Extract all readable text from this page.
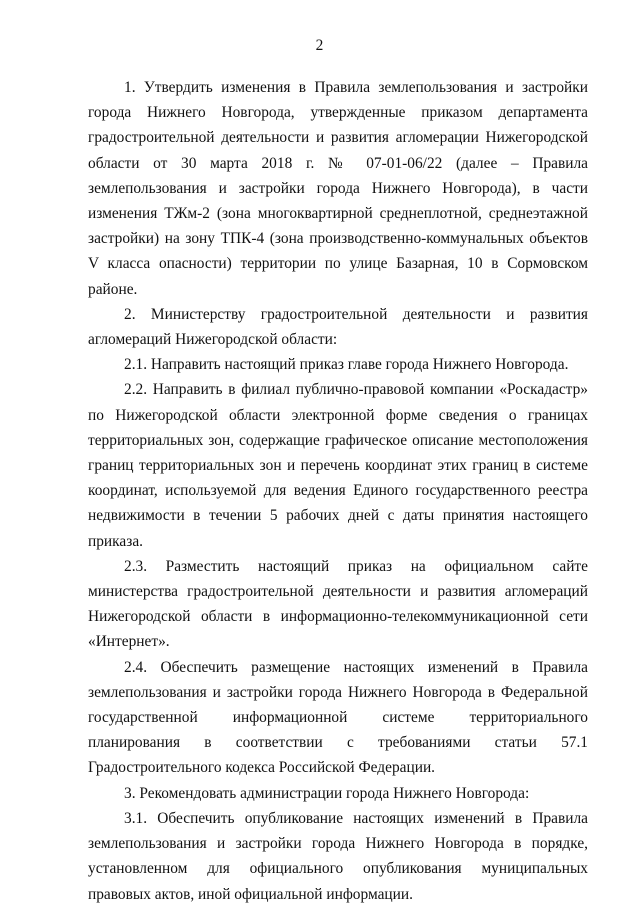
2

1. Утвердить изменения в Правила землепользования и застройки города Нижнего Новгорода, утвержденные приказом департамента градостроительной деятельности и развития агломерации Нижегородской области от 30 марта 2018 г. № 07-01-06/22 (далее – Правила землепользования и застройки города Нижнего Новгорода), в части изменения ТЖм-2 (зона многоквартирной среднеплотной, среднеэтажной застройки) на зону ТПК-4 (зона производственно-коммунальных объектов V класса опасности) территории по улице Базарная, 10 в Сормовском районе.

2. Министерству градостроительной деятельности и развития агломераций Нижегородской области:

2.1. Направить настоящий приказ главе города Нижнего Новгорода.

2.2. Направить в филиал публично-правовой компании «Роскадастр» по Нижегородской области электронной форме сведения о границах территориальных зон, содержащие графическое описание местоположения границ территориальных зон и перечень координат этих границ в системе координат, используемой для ведения Единого государственного реестра недвижимости в течении 5 рабочих дней с даты принятия настоящего приказа.

2.3. Разместить настоящий приказ на официальном сайте министерства градостроительной деятельности и развития агломераций Нижегородской области в информационно-телекоммуникационной сети «Интернет».

2.4. Обеспечить размещение настоящих изменений в Правила землепользования и застройки города Нижнего Новгорода в Федеральной государственной информационной системе территориального планирования в соответствии с требованиями статьи 57.1 Градостроительного кодекса Российской Федерации.

3. Рекомендовать администрации города Нижнего Новгорода:

3.1. Обеспечить опубликование настоящих изменений в Правила землепользования и застройки города Нижнего Новгорода в порядке, установленном для официального опубликования муниципальных правовых актов, иной официальной информации.
